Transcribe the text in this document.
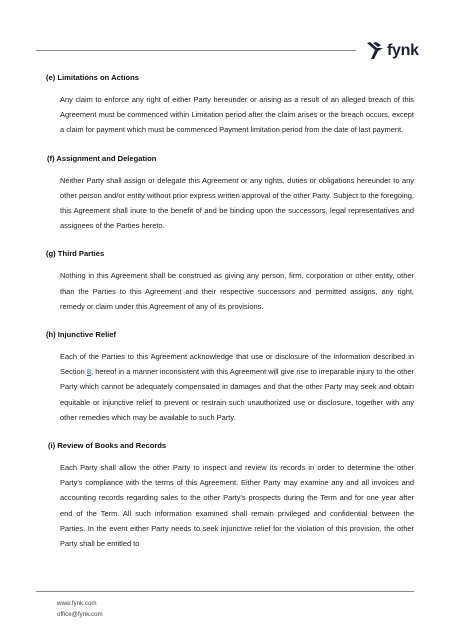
fynk

(e) Limitations on Actions

Any claim to enforce any right of either Party hereunder or arising as a result of an alleged breach of this Agreement must be commenced within Limitation period after the claim arises or the breach occurs, except a claim for payment which must be commenced Payment limitation period from the date of last payment.

(f) Assignment and Delegation

Neither Party shall assign or delegate this Agreement or any rights, duties or obligations hereunder to any other person and/or entity without prior express written approval of the other Party. Subject to the foregoing, this Agreement shall inure to the benefit of and be binding upon the successors, legal representatives and assignees of the Parties hereto.

(g) Third Parties

Nothing in this Agreement shall be construed as giving any person, firm, corporation or other entity, other than the Parties to this Agreement and their respective successors and permitted assigns, any right, remedy or claim under this Agreement of any of its provisions.

(h) Injunctive Relief

Each of the Parties to this Agreement acknowledge that use or disclosure of the information described in Section 8, hereof in a manner inconsistent with this Agreement will give rise to irreparable injury to the other Party which cannot be adequately compensated in damages and that the other Party may seek and obtain equitable or injunctive relief to prevent or restrain such unauthorized use or disclosure, together with any other remedies which may be available to such Party.

(i) Review of Books and Records

Each Party shall allow the other Party to inspect and review its records in order to determine the other Party's compliance with the terms of this Agreement. Either Party may examine any and all invoices and accounting records regarding sales to the other Party's prospects during the Term and for one year after end of the Term. All such information examined shall remain privileged and confidential between the Parties. In the event either Party needs to seek injunctive relief for the violation of this provision, the other Party shall be entitled to

www.fynk.com
office@fynk.com
